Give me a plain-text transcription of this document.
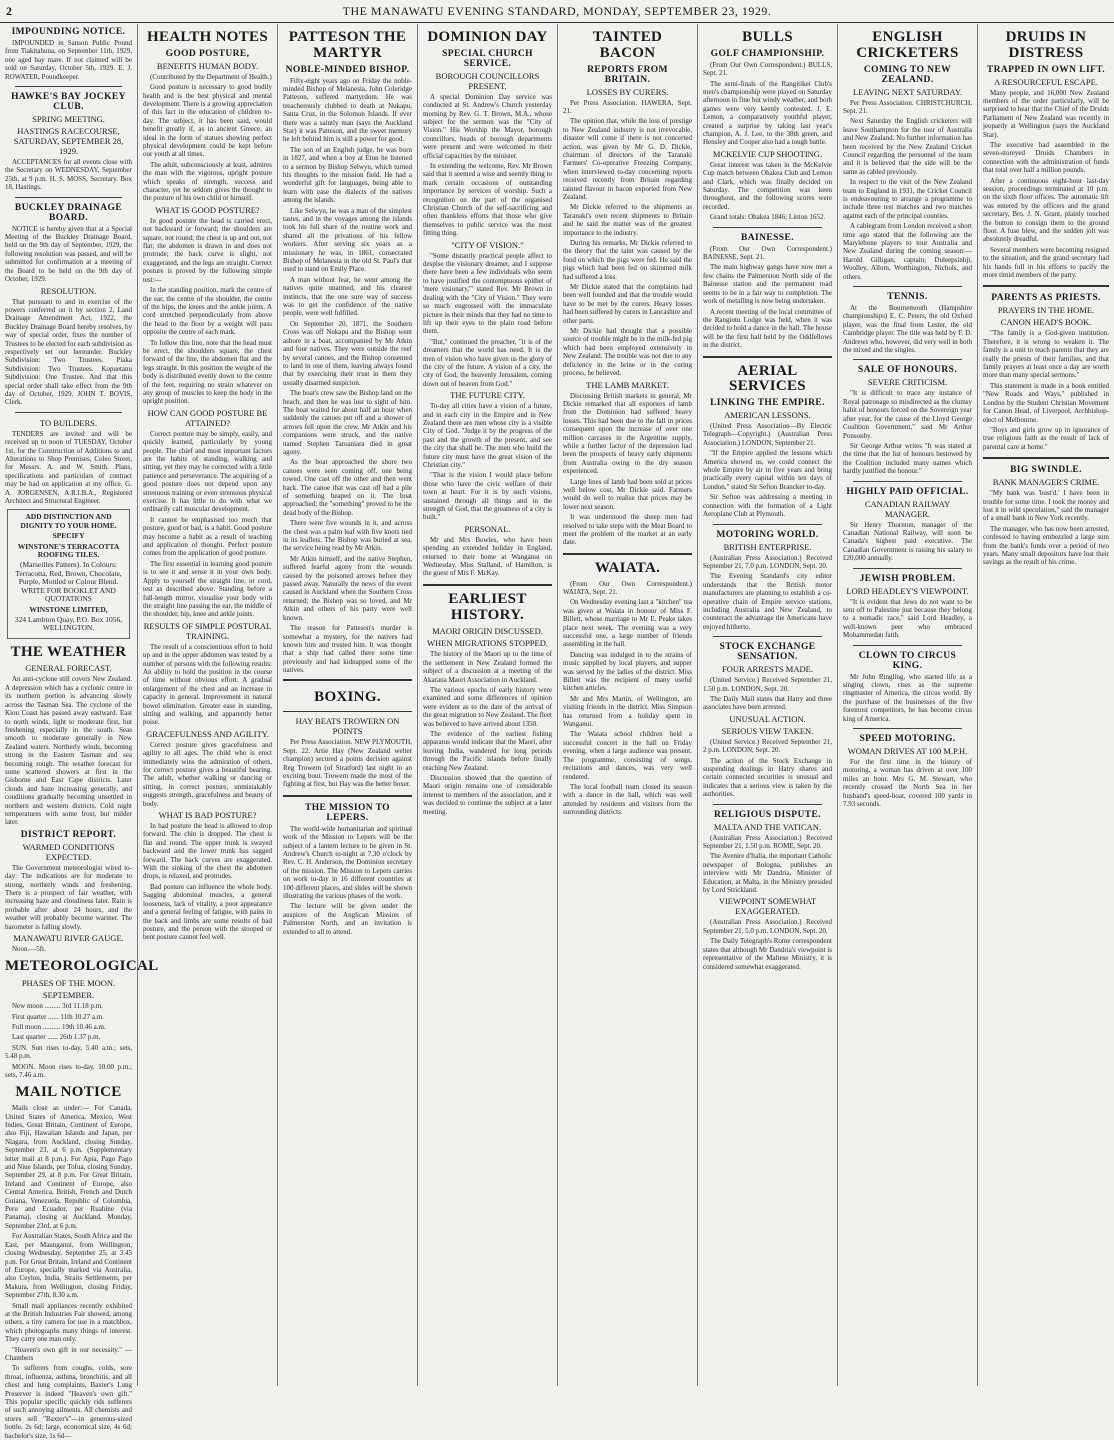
2	THE MANAWATU EVENING STANDARD, MONDAY, SEPTEMBER 23, 1929.
IMPOUNDING NOTICE.

IMPOUNDED in Sanson Public Pound from Tiakitahuna, on September 11th, 1929, one aged bay mare. If not claimed will be sold on Saturday, October 5th, 1929. E. J. ROWATER, Poundkeeper.

HAWKE'S BAY JOCKEY CLUB.
SPRING MEETING.
HASTINGS RACECOURSE, SATURDAY, SEPTEMBER 28, 1929.

ACCEPTANCES for all events close with the Secretary on WEDNESDAY, September 25th, at 9 p.m. H. S. MOSS, Secretary. Box 18, Hastings.

BUCKLEY DRAINAGE BOARD.

NOTICE is hereby given that at a Special Meeting of the Buckley Drainage Board, held on the 9th day of September, 1929, the following resolution was passed, and will be submitted for confirmation at a meeting of the Board to be held on the 9th day of October, 1929.

RESOLUTION.

That pursuant to and in exercise of the powers conferred on it by section 2, Land Drainage Amendment Act, 1922, the Buckley Drainage Board hereby resolves, by way of special order, fixes the number of Trustees to be elected for each subdivision as respectively set out hereunder. Buckley Subdivision: Two Trustees. Piaka Subdivision: Two Trustees. Kopuetanu Subdivision: One Trustee. And that this special order shall take effect from the 9th day of October, 1929. JOHN T. BOVIS, Clerk.

TO BUILDERS.

TENDERS are invited and will be received up to noon of TUESDAY, October 1st, for the Construction of Additions to and Alterations to Shop Premises, Coleo Street, for Messrs. A. and W. Smith. Plans, specifications and particulars of contract may be had on application at my office. G. A. JORGENSEN, A.R.I.B.A., Registered Architect and Structural Engineer.

ADD DISTINCTION AND DIGNITY TO YOUR HOME.

SPECIFY

WINSTONE'S TERRACOTTA ROOFING TILES.

(Marseilles Pattern). In Colours: Terracotta, Red, Brown, Chocolate, Purple, Mottled or Colour Blend. WRITE FOR BOOKLET AND QUOTATIONS

WINSTONE LIMITED,

324 Lambton Quay, P.O. Box 1056, WELLINGTON.

THE WEATHER
GENERAL FORECAST.

An anti-cyclone still covers New Zealand. A depression which has a cyclonic centre in its northern portion is advancing slowly across the Tasman Sea. The cyclone of the Kiou Coast has passed away eastward. East to north winds, light to moderate first, but freshening especially in the south. Seas smooth to moderate generally in New Zealand waters. Northerly winds, becoming strong in the Eastern Tasman and sea becoming rough. The weather forecast for some scattered showers at first in the Gisborne and East Cape districts. Later clouds and haze increasing generally, and conditions gradually becoming unsettled in northern and western districts. Cold night temperatures with some frost, but milder later.

DISTRICT REPORT.
WARMED CONDITIONS EXPECTED.

The Government meteorologist wired to-day: The indications are for moderate to strong, northerly winds and freshening. There is a prospect of fair weather, with increasing haze and cloudiness later. Rain is probable after about 24 hours, and the weather will probably become warmer. The barometer is falling slowly.

MANAWATU RIVER GAUGE.

Noon.—5ft.

METEOROLOGICAL
PHASES OF THE MOON.
SEPTEMBER.

New moon ......... 3rd 11.18 p.m.

First quarter ...... 11th 10.27 a.m.

Full moon .......... 19th 10.46 a.m.

Last quarter ...... 26th 1.37 p.m.

SUN. Sun rises to-day, 5.40 a.m.; sets, 5.48 p.m.

MOON. Moon rises to-day, 10.00 p.m.; sets, 7.46 a.m.

MAIL NOTICE

Mails close as under:— For Canada, United States of America, Mexico, West Indies, Great Britain, Continent of Europe, also Fiji, Hawaiian Islands and Japan, per Niagara, from Auckland, closing Sunday, September 23, at 6 p.m. (Supplementary letter mail at 8 p.m.). For Apia, Pago Pago and Niue Islands, per Tofua, closing Sunday, September 29, at 8 p.m. For Great Britain, Ireland and Continent of Europe, also Central America, British, French and Dutch Guiana, Venezuela, Republic of Colombia, Peru and Ecuador, per Ruahine (via Panama), closing at Auckland, Monday, September 23rd, at 6 p.m.

For Australian States, South Africa and the East, per Maunganui, from Wellington, closing Wednesday, September 25, at 3.45 p.m. For Great Britain, Ireland and Continent of Europe, specially marked via Australia, also Ceylon, India, Straits Settlements, per Makura, from Wellington, closing Friday, September 27th, 8.30 a.m.

Small mail appliances recently exhibited at the British Industries Fair showed, among others, a tiny camera for use in a matchbox, which photographs many things of interest. They carry one man only.

"Heaven's own gift in our necessity." —Chambers

To sufferers from coughs, colds, sore throat, influenza, asthma, bronchitis, and all chest and lung complaints, Baxter's Lung Preserver is indeed "Heaven's own gift." This popular specific quickly rids sufferers of such annoying ailments. All chemists and stores sell "Baxter's"—in generous-sized bottle, 2s 6d; large, economical size, 4s 6d; bachelor's size, 1s 6d—

HEALTH NOTES
GOOD POSTURE,
BENEFITS HUMAN BODY.

(Contributed by the Department of Health.)

Good posture is necessary to good bodily health and is the best physical and mental development. There is a growing appreciation of this fact in the education of children to-day. The subject, it has been said, would benefit greatly if, as in ancient Greece, an ideal in the form of statues showing perfect physical development could be kept before our youth at all times.

The adult, subconsciously at least, admires the man with the vigorous, upright posture which speaks of strength, success and character, yet he seldom gives the thought to the posture of his own child or himself.

WHAT IS GOOD POSTURE?

In good posture the head is carried erect, not backward or forward; the shoulders are square, not round; the chest is up and out, not flat; the abdomen is drawn in and does not protrude; the back curve is slight, not exaggerated, and the legs are straight. Correct posture is proved by the following simple test:—

In the standing position, mark the centre of the ear, the centre of the shoulder, the centre of the hips, the knees and the ankle joints. A cord stretched perpendicularly from above the head to the floor by a weight will pass opposite the centre of each mark.

To follow this line, note that the head must be erect, the shoulders square, the chest forward of the line, the abdomen flat and the legs straight. In this position the weight of the body is distributed evenly down to the centre of the feet, requiring no strain whatever on any group of muscles to keep the body in the upright position.

HOW CAN GOOD POSTURE BE ATTAINED?

Correct posture may be simply, easily, and quickly learned, particularly by young people. The chief and most important factors are the habits of standing, walking and sitting, yet they may be corrected with a little patience and perseverance. The acquiring of a good posture does not depend upon any strenuous training or even strenuous physical exercise. It has little to do with what we ordinarily call muscular development.

It cannot be emphasised too much that posture, good or bad, is a habit. Good posture may become a habit as a result of teaching and application of thought. Perfect posture comes from the application of good posture.

The first essential in learning good posture is to see it and sense it in your own body. Apply to yourself the straight line, or cord, test as described above. Standing before a full-length mirror, visualise your body with the straight line passing the ear, the middle of the shoulder, hip, knee and ankle joints.

RESULTS OF SIMPLE POSTURAL TRAINING.

The result of a conscientious effort to hold up and in the upper abdomen was tested by a number of persons with the following results: An ability to hold the position in the course of time without obvious effort. A gradual enlargement of the chest and an increase in capacity in general. Improvement in natural bowel elimination. Greater ease in standing, sitting and walking, and apparently better poise.

GRACEFULNESS AND AGILITY.

Correct posture gives gracefulness and agility to all ages. The child who is erect immediately wins the admiration of others, for correct posture gives a beautiful bearing. The adult, whether walking or dancing or sitting, in correct posture, unmistakably suggests strength, gracefulness and beauty of body.

WHAT IS BAD POSTURE?

In bad posture the head is allowed to drop forward. The chin is dropped. The chest is flat and round. The upper trunk is swayed backward and the lower trunk has sagged forward. The back curves are exaggerated. With the sinking of the chest the abdomen drops, is relaxed, and protrudes.

Bad posture can influence the whole body. Sagging abdominal muscles, a general looseness, lack of vitality, a poor appearance and a general feeling of fatigue, with pains in the back and limbs are some results of bad posture, and the person with the stooped or bent posture cannot feel well.

PATTESON THE MARTYR
NOBLE-MINDED BISHOP.

Fifty-eight years ago on Friday the noble-minded Bishop of Melanesia, John Coleridge Patteson, suffered martyrdom. He was treacherously clubbed to death at Nukapu, Santa Cruz, in the Solomon Islands. If ever there was a saintly man (says the Auckland Star) it was Patteson, and the sweet memory he left behind him is still a power for good.

The son of an English judge, he was born in 1827, and when a boy at Eton he listened to a sermon by Bishop Selwyn, which turned his thoughts to the mission field. He had a wonderful gift for languages, being able to learn with ease the dialects of the natives among the islands.

Like Selwyn, he was a man of the simplest tastes, and in the voyages among the islands took his full share of the routine work and shared all the privations of his fellow workers. After serving six years as a missionary he was, in 1861, consecrated Bishop of Melanesia in the old St. Paul's that used to stand on Emily Place.

A man without fear, he went among the natives quite unarmed, and his clearest instincts, that the one sure way of success was to get the confidence of the native people, were well fulfilled.

On September 20, 1871, the Southern Cross was off Nukapu and the Bishop went ashore in a boat, accompanied by Mr Atkin and four natives. They were outside the reef by several canoes, and the Bishop consented to land in one of them, leaving always found that by exercising their trust in them they usually disarmed suspicion.

The boat's crew saw the Bishop land on the beach, and then he was lost to sight of him. The boat waited for about half an hour when suddenly the canoes put off and a shower of arrows fell upon the crew. Mr Atkin and his companions were struck, and the native named Stephen Taroaniara died in great agony.

As the boat approached the shore two canoes were seen coming off, one being towed. One cast off the other and then went back. The canoe that was cast off had a pile of something heaped on it. The boat approached; the "something" proved to be the dead body of the Bishop.

There were five wounds in it, and across the chest was a palm leaf with five knots tied in its leaflets. The Bishop was buried at sea, the service being read by Mr Atkin.

Mr Atkin himself, and the native Stephen, suffered fearful agony from the wounds caused by the poisoned arrows before they passed away. Naturally the news of the event caused in Auckland when the Southern Cross returned; the Bishop was so loved, and Mr Atkin and others of his party were well known.

The reason for Patteson's murder is somewhat a mystery, for the natives had known him and trusted him. It was thought that a ship had called there some time previously and had kidnapped some of the natives.

BOXING.
HAY BEATS TROWERN ON POINTS

Per Press Association. NEW PLYMOUTH, Sept. 22. Artie Hay (New Zealand welter champion) secured a points decision against Reg Trowern (of Stratford) last night in an exciting bout. Trowern made the most of the fighting at first, but Hay was the better boxer.

THE MISSION TO LEPERS.

The world-wide humanitarian and spiritual work of the Mission to Lepers will be the subject of a lantern lecture to be given in St. Andrew's Church to-night at 7.30 o'clock by Rev. C. H. Anderson, the Dominion secretary of the mission. The Mission to Lepers carries on work to-day in 16 different countries at 100 different places, and slides will be shown illustrating the various phases of the work.

The lecture will be given under the auspices of the Anglican Mission of Palmerston North, and an invitation is extended to all to attend.

DOMINION DAY
SPECIAL CHURCH SERVICE.
BOROUGH COUNCILLORS PRESENT.

A special Dominion Day service was conducted at St. Andrew's Church yesterday morning by Rev. G. T. Brown, M.A., whose subject for the sermon was the "City of Vision." His Worship the Mayor, borough councillors, heads of borough departments were present and were welcomed in their official capacities by the minister.

In extending the welcome, Rev. Mr Brown said that it seemed a wise and seemly thing to mark certain occasions of outstanding importance by services of worship. Such a recognition on the part of the organised Christian Church of the self-sacrificing and often thankless efforts that those who give themselves to public service was the most fitting thing.

"CITY OF VISION."

"Some distantly practical people affect to despise the visionary dreamer, and I suppose there have been a few individuals who seem to have justified the contemptuous epithet of 'mere visionary,'" stated Rev. Mr Brown in dealing with the "City of Vision." They were so much engrossed with the immaculate picture in their minds that they had no time to lift up their eyes to the plain road before them.

"But," continued the preacher, "it is of the dreamers that the world has need. It is the men of vision who have given us the glory of the city of the future. A vision of a city, the city of God, the heavenly Jerusalem, coming down out of heaven from God."

THE FUTURE CITY.

To-day all cities have a vision of a future, and in each city in the Empire and in New Zealand there are men whose city is a visible City of God. "Judge it by the progress of the past and the growth of the present, and see the city that shall be. The men who build the future city must have the great vision of the Christian city."

"That is the vision I would place before those who have the civic welfare of their town at heart. For it is by such visions, sustained through all things and in the strength of God, that the greatness of a city is built."

PERSONAL.

Mr and Mrs Bowles, who have been spending an extended holiday in England, returned to their home at Wanganui on Wednesday. Miss Stalland, of Hamilton, is the guest of Mrs F. McKay.

EARLIEST HISTORY.
MAORI ORIGIN DISCUSSED.
WHEN MIGRATIONS STOPPED.

The history of the Maori up to the time of the settlement in New Zealand formed the subject of a discussion at a meeting of the Akarana Maori Association in Auckland.

The various epochs of early history were examined and some differences of opinion were evident as to the date of the arrival of the great migration to New Zealand. The fleet was believed to have arrived about 1350.

The evidence of the earliest fishing apparatus would indicate that the Maori, after leaving India, wandered for long periods through the Pacific islands before finally reaching New Zealand.

Discussion showed that the question of Maori origin remains one of considerable interest to members of the association, and it was decided to continue the subject at a later meeting.

TAINTED BACON
REPORTS FROM BRITAIN.
LOSSES BY CURERS.

Per Press Association. HAWERA, Sept. 21.

The opinion that, while the loss of prestige to New Zealand industry is not irrevocable, disaster will come if there is not concerted action, was given by Mr G. D. Dickie, chairman of directors of the Taranaki Farmers' Co-operative Freezing Company, when interviewed to-day concerning reports received recently from Britain regarding tainted flavour in bacon exported from New Zealand.

Mr Dickie referred to the shipments as Taranaki's own recent shipments to Britain and he said the matter was of the greatest importance to the industry.

During his remarks, Mr Dickie referred to the theory that the taint was caused by the food on which the pigs were fed. He said the pigs which had been fed on skimmed milk had suffered a loss.

Mr Dickie stated that the complaints had been well founded and that the trouble would have to be met by the curers. Heavy losses had been suffered by curers in Lancashire and other parts.

Mr Dickie had thought that a possible source of trouble might be in the milk-fed pig which had been employed extensively in New Zealand. The trouble was not due to any deficiency in the brine or in the curing process, he believed.

THE LAMB MARKET.

Discussing British markets in general, Mr Dickie remarked that all exporters of lamb from the Dominion had suffered heavy losses. This had been due to the fall in prices consequent upon the increase of over one million carcases in the Argentine supply, while a further factor of the depression had been the prospects of heavy early shipments from Australia owing to the dry season experienced.

Large lines of lamb had been sold at prices well below cost, Mr Dickie said. Farmers would do well to realise that prices may be lower next season.

It was understood the sheep men had resolved to take steps with the Meat Board to meet the problem of the market at an early date.

WAIATA.

(From Our Own Correspondent.) WAIATA, Sept. 21.

On Wednesday evening last a "kitchen" tea was given at Waiata in honour of Miss F. Billett, whose marriage to Mr E. Peake takes place next week. The evening was a very successful one, a large number of friends assembling in the hall.

Dancing was indulged in to the strains of music supplied by local players, and supper was served by the ladies of the district. Miss Billett was the recipient of many useful kitchen articles.

Mr and Mrs Martin, of Wellington, are visiting friends in the district. Miss Simpson has returned from a holiday spent in Wanganui.

The Waiata school children held a successful concert in the hall on Friday evening, when a large audience was present. The programme, consisting of songs, recitations and dances, was very well rendered.

The local football team closed its season with a dance in the hall, which was well attended by residents and visitors from the surrounding districts.

BULLS
GOLF CHAMPIONSHIP.

(From Our Own Correspondent.) BULLS, Sept. 21.

The semi-finals of the Rangitikei Club's men's championship were played on Saturday afternoon in fine but windy weather, and both games were very keenly contested. J. E. Lemon, a comparatively youthful player, created a surprise by taking last year's champion, A. J. Lee, to the 38th green, and Hensley and Cooper also had a tough battle.

MCKELVIE CUP SHOOTING.

Great interest was taken in the McKelvie Cup match between Ohakea Club and Lemon and Clark, which was finally decided on Saturday. The competition was keen throughout, and the following scores were recorded.

Grand totals: Ohakea 1846; Linton 1652.

BAINESSE.

(From Our Own Correspondent.) BAINESSE, Sept. 21.

The main highway gangs have now met a few chains the Palmerston North side of the Bainesse station and the permanent road seems to be in a fair way to completion. The work of metalling is now being undertaken.

A recent meeting of the local committee of the Rangiotu Lodge was held, when it was decided to hold a dance in the hall. The house will be the first hall held by the Oddfellows in the district.

AERIAL SERVICES
LINKING THE EMPIRE.
AMERICAN LESSONS.

(United Press Association—By Electric Telegraph—Copyright.) (Australian Press Association.) LONDON, September 21.

"If the Empire applied the lessons which America showed us, we could connect the whole Empire by air in five years and bring practically every capital within ten days of London," stated Sir Sefton Brancker to-day.

Sir Sefton was addressing a meeting in connection with the formation of a Light Aeroplane Club at Plymouth.

MOTORING WORLD.
BRITISH ENTERPRISE.

(Australian Press Association.) Received September 21, 7.0 p.m. LONDON, Sept. 20.

The Evening Standard's city editor understands that the British motor manufacturers are planning to establish a co-operative chain of Empire service stations, including Australia and New Zealand, to counteract the advantage the Americans have enjoyed hitherto.

STOCK EXCHANGE SENSATION.
FOUR ARRESTS MADE.

(United Service.) Received September 21, 1.50 p.m. LONDON, Sept. 20.

The Daily Mail states that Hatry and three associates have been arrested.

UNUSUAL ACTION.
SERIOUS VIEW TAKEN.

(United Service.) Received September 21, 2 p.m. LONDON, Sept. 20.

The action of the Stock Exchange in suspending dealings in Hatry shares and certain connected securities is unusual and indicates that a serious view is taken by the authorities.

RELIGIOUS DISPUTE.
MALTA AND THE VATICAN.

(Australian Press Association.) Received September 21, 1.50 p.m. ROME, Sept. 20.

The Avenire d'Italia, the important Catholic newspaper of Bologna, publishes an interview with Mr Dandria, Minister of Education, at Malta, in the Ministry presided by Lord Strickland.

VIEWPOINT SOMEWHAT EXAGGERATED.

(Australian Press Association.) Received September 21, 5.0 p.m. LONDON, Sept. 20.

The Daily Telegraph's Rome correspondent states that although Mr Dandria's viewpoint is representative of the Maltese Ministry, it is considered somewhat exaggerated.

ENGLISH CRICKETERS
COMING TO NEW ZEALAND.
LEAVING NEXT SATURDAY.

Per Press Association. CHRISTCHURCH, Sept. 21.

Next Saturday the English cricketers will leave Southampton for the tour of Australia and New Zealand. No further information has been received by the New Zealand Cricket Council regarding the personnel of the team and it is believed that the side will be the same as cabled previously.

In respect to the visit of the New Zealand team to England in 1931, the Cricket Council is endeavouring to arrange a programme to include three test matches and two matches against each of the principal counties.

A cablegram from London received a short time ago stated that the following are the Marylebone players to tour Australia and New Zealand during the coming season:— Harold Gilligan, captain; Duleepsinhji, Woolley, Allom, Worthington, Nichols, and others.

TENNIS.

At the Bournemouth (Hampshire championships) E. C. Peters, the old Oxford player, was the final from Lester, the old Cambridge player. The title was held by F. D. Andrews who, however, did very well in both the mixed and the singles.

SALE OF HONOURS.
SEVERE CRITICISM.

"It is difficult to trace any instance of Royal patronage so misdirected as the clumsy habit of honours forced on the Sovereign year after year, for the cause of the Lloyd George Coalition Government," said Mr Arthur Ponsonby.

Sir George Arthur writes "It was stated at the time that the list of honours bestowed by the Coalition included many names which hardly justified the honour."

HIGHLY PAID OFFICIAL.
CANADIAN RAILWAY MANAGER.

Sir Henry Thornton, manager of the Canadian National Railway, will soon be Canada's highest paid executive. The Canadian Government is raising his salary to £20,000 annually.

JEWISH PROBLEM.
LORD HEADLEY'S VIEWPOINT.

"It is evident that Jews do not want to be sent off to Palestine just because they belong to a nomadic race," said Lord Headley, a well-known peer who embraced Mohammedan faith.

CLOWN TO CIRCUS KING.

Mr John Ringling, who started life as a singing clown, rises as the supreme ringmaster of America, the circus world. By the purchase of the businesses of the five foremost competitors, he has become circus king of America.

SPEED MOTORING.
WOMAN DRIVES AT 100 M.P.H.

For the first time in the history of motoring, a woman has driven at over 100 miles an hour. Mrs G. M. Stewart, who recently crossed the North Sea in her husband's speed-boat, covered 100 yards in 7.93 seconds.

DRUIDS IN DISTRESS
TRAPPED IN OWN LIFT.
A RESOURCEFUL ESCAPE.

Many people, and 16,000 New Zealand members of the order particularly, will be surprised to hear that the Chief of the Druids Parliament of New Zealand was recently in jeopardy at Wellington (says the Auckland Star).

The executive had assembled in the seven-storeyed Druids Chambers in connection with the administration of funds that total over half a million pounds.

After a continuous eight-hour last-day session, proceedings terminated at 10 p.m. on the sixth floor offices. The automatic lift was entered by the officers and the grand secretary, Bro. J. N. Grant, plainly touched the button to consign them to the ground floor. A fuse blew, and the sudden jolt was absolutely dreadful.

Several members were becoming resigned to the situation, and the grand secretary had his hands full in his efforts to pacify the more timid members of the party.

PARENTS AS PRIESTS.
PRAYERS IN THE HOME.
CANON HEAD'S BOOK.

"The family is a God-given institution. Therefore, it is wrong to weaken it. The family is a unit to teach parents that they are really the priests of their families, and that family prayers at least once a day are worth more than many special sermons."

This statement is made in a book entitled "New Roads and Ways," published in London by the Student Christian Movement for Canon Head, of Liverpool, Archbishop-elect of Melbourne.

"Boys and girls grow up in ignorance of true religious faith as the result of lack of parental care at home."

BIG SWINDLE.
BANK MANAGER'S CRIME.

"My bank was 'bust'd.' I have been in trouble for some time. I took the money and lost it in wild speculation," said the manager of a small bank in New York recently.

The manager, who has now been arrested, confessed to having embezzled a large sum from the bank's funds over a period of two years. Many small depositors have lost their savings as the result of his crime.
